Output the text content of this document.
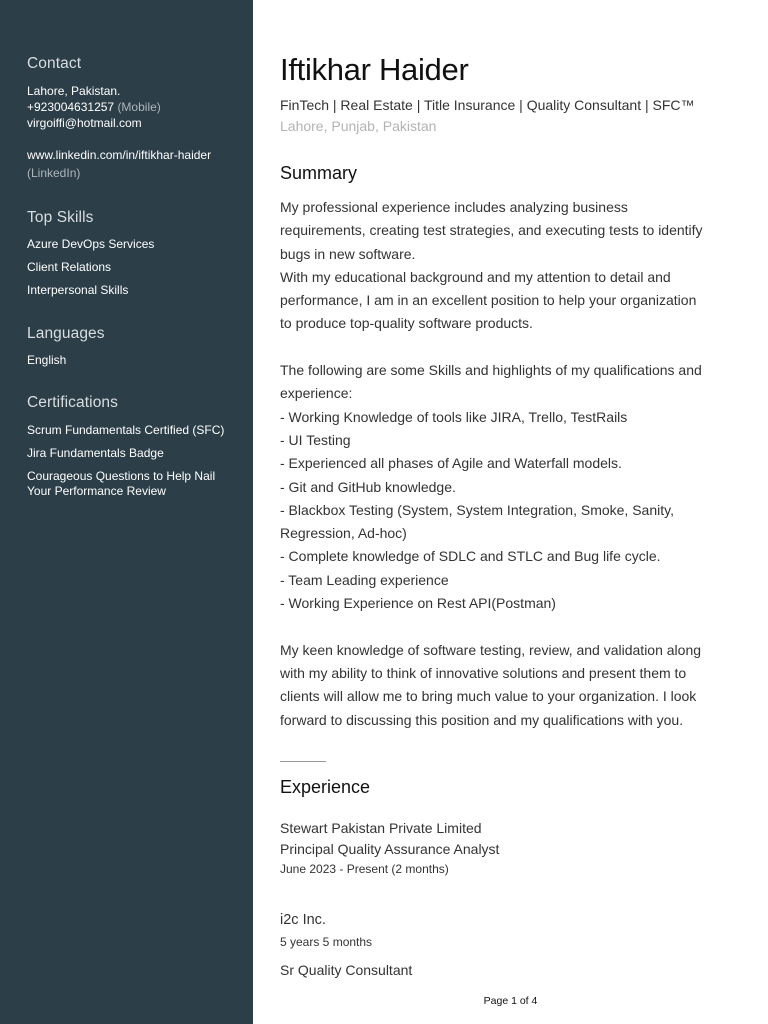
Contact
Lahore, Pakistan.
+923004631257 (Mobile)
virgoiffi@hotmail.com
www.linkedin.com/in/iftikhar-haider
(LinkedIn)
Top Skills
Azure DevOps Services
Client Relations
Interpersonal Skills
Languages
English
Certifications
Scrum Fundamentals Certified (SFC)
Jira Fundamentals Badge
Courageous Questions to Help Nail
Your Performance Review
Iftikhar Haider
FinTech | Real Estate | Title Insurance | Quality Consultant | SFC™
Lahore, Punjab, Pakistan
Summary
My professional experience includes analyzing business
requirements, creating test strategies, and executing tests to identify
bugs in new software.
With my educational background and my attention to detail and
performance, I am in an excellent position to help your organization
to produce top-quality software products.
The following are some Skills and highlights of my qualifications and
experience:
- Working Knowledge of tools like JIRA, Trello, TestRails
- UI Testing
- Experienced all phases of Agile and Waterfall models.
- Git and GitHub knowledge.
- Blackbox Testing (System, System Integration, Smoke, Sanity,
Regression, Ad-hoc)
- Complete knowledge of SDLC and STLC and Bug life cycle.
- Team Leading experience
- Working Experience on Rest API(Postman)
My keen knowledge of software testing, review, and validation along
with my ability to think of innovative solutions and present them to
clients will allow me to bring much value to your organization. I look
forward to discussing this position and my qualifications with you.
Experience
Stewart Pakistan Private Limited
Principal Quality Assurance Analyst
June 2023 - Present (2 months)
i2c Inc.
5 years 5 months
Sr Quality Consultant
Page 1 of 4
